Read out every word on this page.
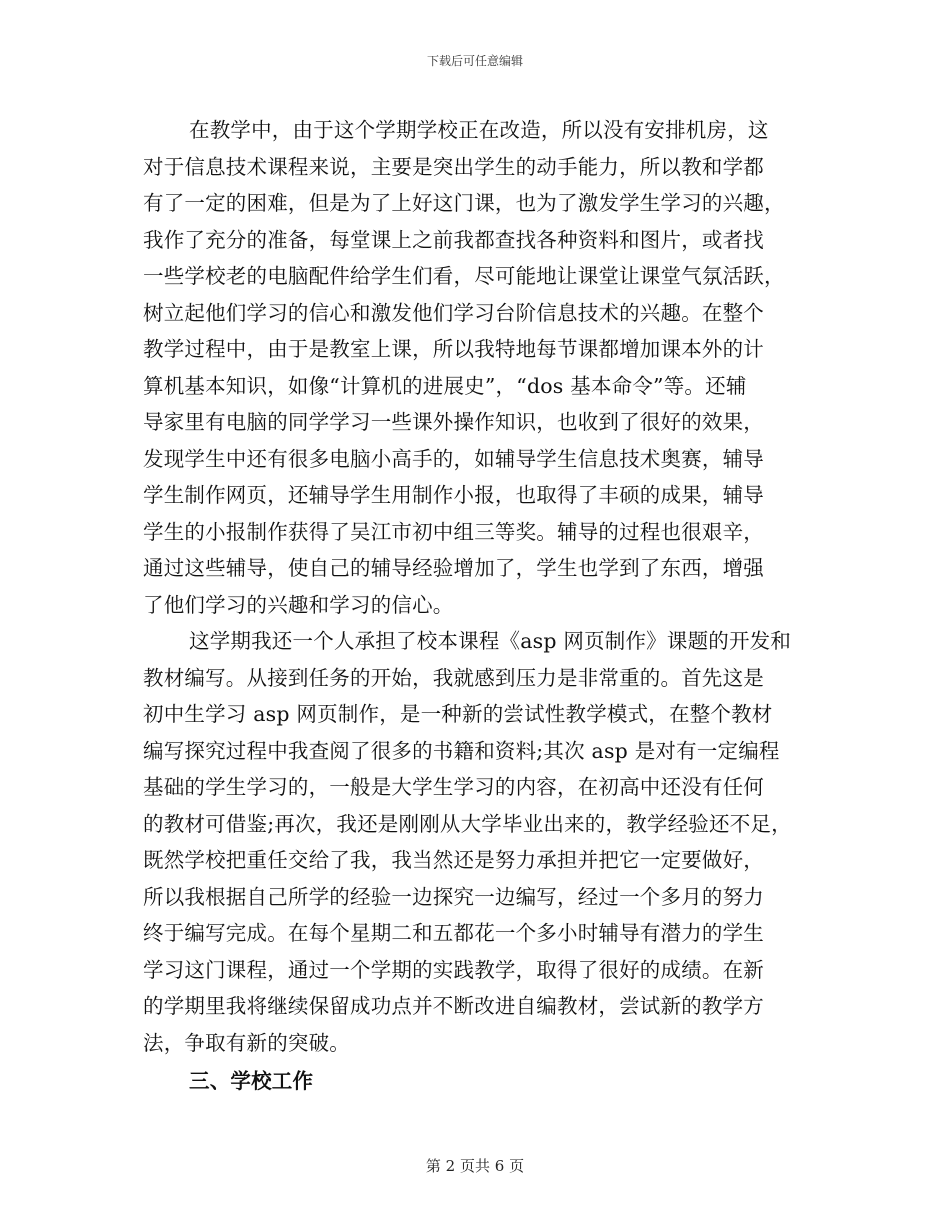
下载后可任意编辑
在教学中，由于这个学期学校正在改造，所以没有安排机房，这
对于信息技术课程来说，主要是突出学生的动手能力，所以教和学都
有了一定的困难，但是为了上好这门课，也为了激发学生学习的兴趣，
我作了充分的准备，每堂课上之前我都查找各种资料和图片，或者找
一些学校老的电脑配件给学生们看，尽可能地让课堂让课堂气氛活跃，
树立起他们学习的信心和激发他们学习台阶信息技术的兴趣。在整个
教学过程中，由于是教室上课，所以我特地每节课都增加课本外的计
算机基本知识，如像“计算机的进展史”，“dos 基本命令”等。还辅
导家里有电脑的同学学习一些课外操作知识，也收到了很好的效果，
发现学生中还有很多电脑小高手的，如辅导学生信息技术奥赛，辅导
学生制作网页，还辅导学生用制作小报，也取得了丰硕的成果，辅导
学生的小报制作获得了吴江市初中组三等奖。辅导的过程也很艰辛，
通过这些辅导，使自己的辅导经验增加了，学生也学到了东西，增强
了他们学习的兴趣和学习的信心。
这学期我还一个人承担了校本课程《asp 网页制作》课题的开发和
教材编写。从接到任务的开始，我就感到压力是非常重的。首先这是
初中生学习 asp 网页制作，是一种新的尝试性教学模式，在整个教材
编写探究过程中我查阅了很多的书籍和资料;其次 asp 是对有一定编程
基础的学生学习的，一般是大学生学习的内容，在初高中还没有任何
的教材可借鉴;再次，我还是刚刚从大学毕业出来的，教学经验还不足，
既然学校把重任交给了我，我当然还是努力承担并把它一定要做好，
所以我根据自己所学的经验一边探究一边编写，经过一个多月的努力
终于编写完成。在每个星期二和五都花一个多小时辅导有潜力的学生
学习这门课程，通过一个学期的实践教学，取得了很好的成绩。在新
的学期里我将继续保留成功点并不断改进自编教材，尝试新的教学方
法，争取有新的突破。
三、学校工作
第 2 页共 6 页
